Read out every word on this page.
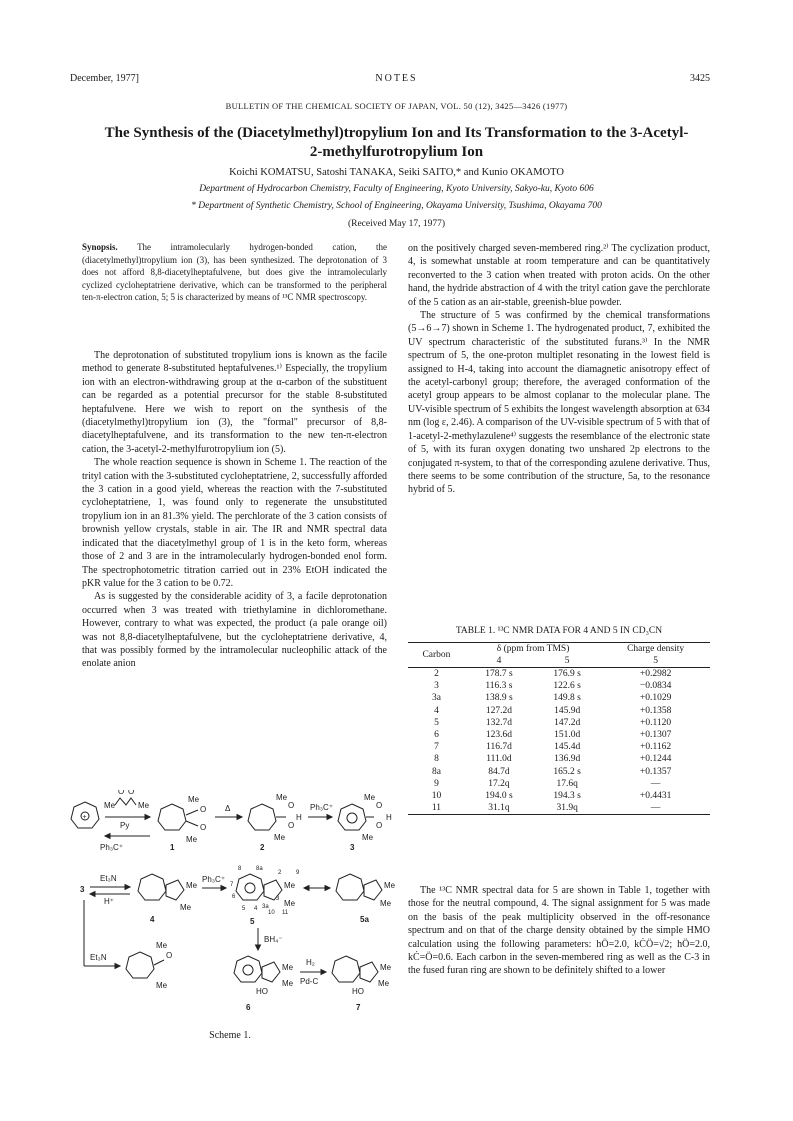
December, 1977]	NOTES	3425
BULLETIN OF THE CHEMICAL SOCIETY OF JAPAN, VOL. 50 (12), 3425—3426 (1977)
The Synthesis of the (Diacetylmethyl)tropylium Ion and Its Transformation to the 3-Acetyl-2-methylfurotropylium Ion
Koichi KOMATSU, Satoshi TANAKA, Seiki SAITO,* and Kunio OKAMOTO
Department of Hydrocarbon Chemistry, Faculty of Engineering, Kyoto University, Sakyo-ku, Kyoto 606
* Department of Synthetic Chemistry, School of Engineering, Okayama University, Tsushima, Okayama 700
(Received May 17, 1977)
Synopsis. The intramolecularly hydrogen-bonded cation, the (diacetylmethyl)tropylium ion (3), has been synthesized. The deprotonation of 3 does not afford 8,8-diacetylheptafulvene, but does give the intramolecularly cyclized cycloheptatriene derivative, which can be transformed to the peripheral ten-π-electron cation, 5; 5 is characterized by means of ¹³C NMR spectroscopy.

The deprotonation of substituted tropylium ions is known as the facile method to generate 8-substituted heptafulvenes.¹⁾ Especially, the tropylium ion with an electron-withdrawing group at the α-carbon of the substituent can be regarded as a potential precursor for the stable 8-substituted heptafulvene. Here we wish to report on the synthesis of the (diacetylmethyl)tropylium ion (3), the "formal" precursor of 8,8-diacetylheptafulvene, and its transformation to the new ten-π-electron cation, the 3-acetyl-2-methylfurotropylium ion (5).

The whole reaction sequence is shown in Scheme 1. The reaction of the trityl cation with the 3-substituted cycloheptatriene, 2, successfully afforded the 3 cation in a good yield, whereas the reaction with the 7-substituted cycloheptatriene, 1, was found only to regenerate the unsubstituted tropylium ion in an 81.3% yield. The perchlorate of the 3 cation consists of brownish yellow crystals, stable in air. The IR and NMR spectral data indicated that the diacetylmethyl group of 1 is in the keto form, whereas those of 2 and 3 are in the intramolecularly hydrogen-bonded enol form. The spectrophotometric titration carried out in 23% EtOH indicated the pKR value for the 3 cation to be 0.72.

As is suggested by the considerable acidity of 3, a facile deprotonation occurred when 3 was treated with triethylamine in dichloromethane. However, contrary to what was expected, the product (a pale orange oil) was not 8,8-diacetylheptafulvene, but the cycloheptatriene derivative, 4, that was possibly formed by the intramolecular nucleophilic attack of the enolate anion

on the positively charged seven-membered ring.²⁾ The cyclization product, 4, is somewhat unstable at room temperature and can be quantitatively reconverted to the 3 cation when treated with proton acids. On the other hand, the hydride abstraction of 4 with the trityl cation gave the perchlorate of the 5 cation as an air-stable, greenish-blue powder.

The structure of 5 was confirmed by the chemical transformations (5→6→7) shown in Scheme 1. The hydrogenated product, 7, exhibited the UV spectrum characteristic of the substituted furans.³⁾ In the NMR spectrum of 5, the one-proton multiplet resonating in the lowest field is assigned to H-4, taking into account the diamagnetic anisotropy effect of the acetyl-carbonyl group; therefore, the averaged conformation of the acetyl group appears to be almost coplanar to the molecular plane. The UV-visible spectrum of 5 exhibits the longest wavelength absorption at 634 nm (log ε, 2.46). A comparison of the UV-visible spectrum of 5 with that of 1-acetyl-2-methylazulene⁴⁾ suggests the resemblance of the electronic state of 5, with its furan oxygen donating two unshared 2p electrons to the conjugated π-system, to that of the corresponding azulene derivative. Thus, there seems to be some contribution of the structure, 5a, to the resonance hybrid of 5.

TABLE 1. ¹³C NMR DATA FOR 4 AND 5 IN CD₃CN
Carbon	δ (ppm from TMS)		Charge density
	4	5	5
2	178.7 s	176.9 s	+0.2982
3	116.3 s	122.6 s	−0.0834
3a	138.9 s	149.8 s	+0.1029
4	127.2d	145.9d	+0.1358
5	132.7d	147.2d	+0.1120
6	123.6d	151.0d	+0.1307
7	116.7d	145.4d	+0.1162
8	111.0d	136.9d	+0.1244
8a	84.7d	165.2 s	+0.1357
9	17.2q	17.6q	—
10	194.0 s	194.3 s	+0.4431
11	31.1q	31.9q	—

The ¹³C NMR spectral data for 5 are shown in Table 1, together with those for the neutral compound, 4. The signal assignment for 5 was made on the basis of the peak multiplicity observed in the off-resonance spectrum and on that of the charge density obtained by the simple HMO calculation using the following parameters: hÖ=2.0, kĊÖ=√2; hÖ=2.0, kĊ=Ö=0.6. Each carbon in the seven-membered ring as well as the C-3 in the fused furan ring are shown to be definitely shifted to a lower

+
Me	Me
O O
Py
Ph₃C⁺
O
O
Me
Me
1
Δ	O
O
H
Me
Me
2
Ph₃C⁺	O
O
H
Me
Me
3
3
Et₃N
H⁺
Me
Me
4
Ph₃C⁺
Me
Me
8 8a
2 9
3
7
6
5 4 3a
10 11
5
Me
Me
5a
Et₃N	O
Me
Me
BH₄⁻
Me
Me
HO
6
H₂
Pd-C
Me
Me
HO
7
Scheme 1.
